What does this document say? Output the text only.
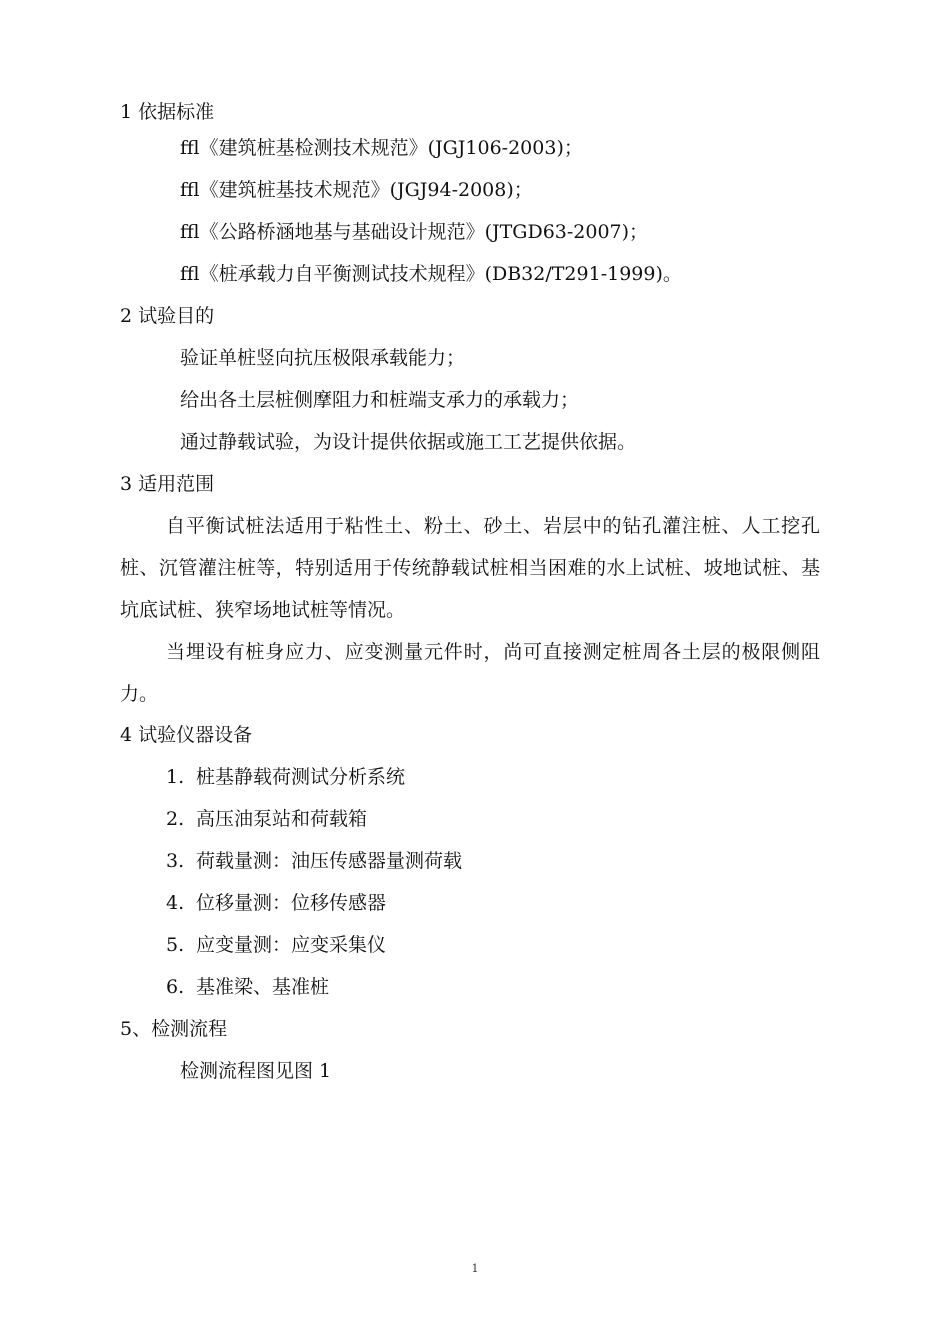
1 依据标准
ffl《建筑桩基检测技术规范》(JGJ106-2003)；
ffl《建筑桩基技术规范》(JGJ94-2008)；
ffl《公路桥涵地基与基础设计规范》(JTGD63-2007)；
ffl《桩承载力自平衡测试技术规程》(DB32/T291-1999)。
2 试验目的
验证单桩竖向抗压极限承载能力；
给出各土层桩侧摩阻力和桩端支承力的承载力；
通过静载试验，为设计提供依据或施工工艺提供依据。
3 适用范围
自平衡试桩法适用于粘性土、粉土、砂土、岩层中的钻孔灌注桩、人工挖孔桩、沉管灌注桩等，特别适用于传统静载试桩相当困难的水上试桩、坡地试桩、基坑底试桩、狭窄场地试桩等情况。
当埋设有桩身应力、应变测量元件时，尚可直接测定桩周各土层的极限侧阻力。
4 试验仪器设备
1. 桩基静载荷测试分析系统
2. 高压油泵站和荷载箱
3. 荷载量测：油压传感器量测荷载
4. 位移量测：位移传感器
5. 应变量测：应变采集仪
6. 基准梁、基准桩
5、检测流程
检测流程图见图 1
1
